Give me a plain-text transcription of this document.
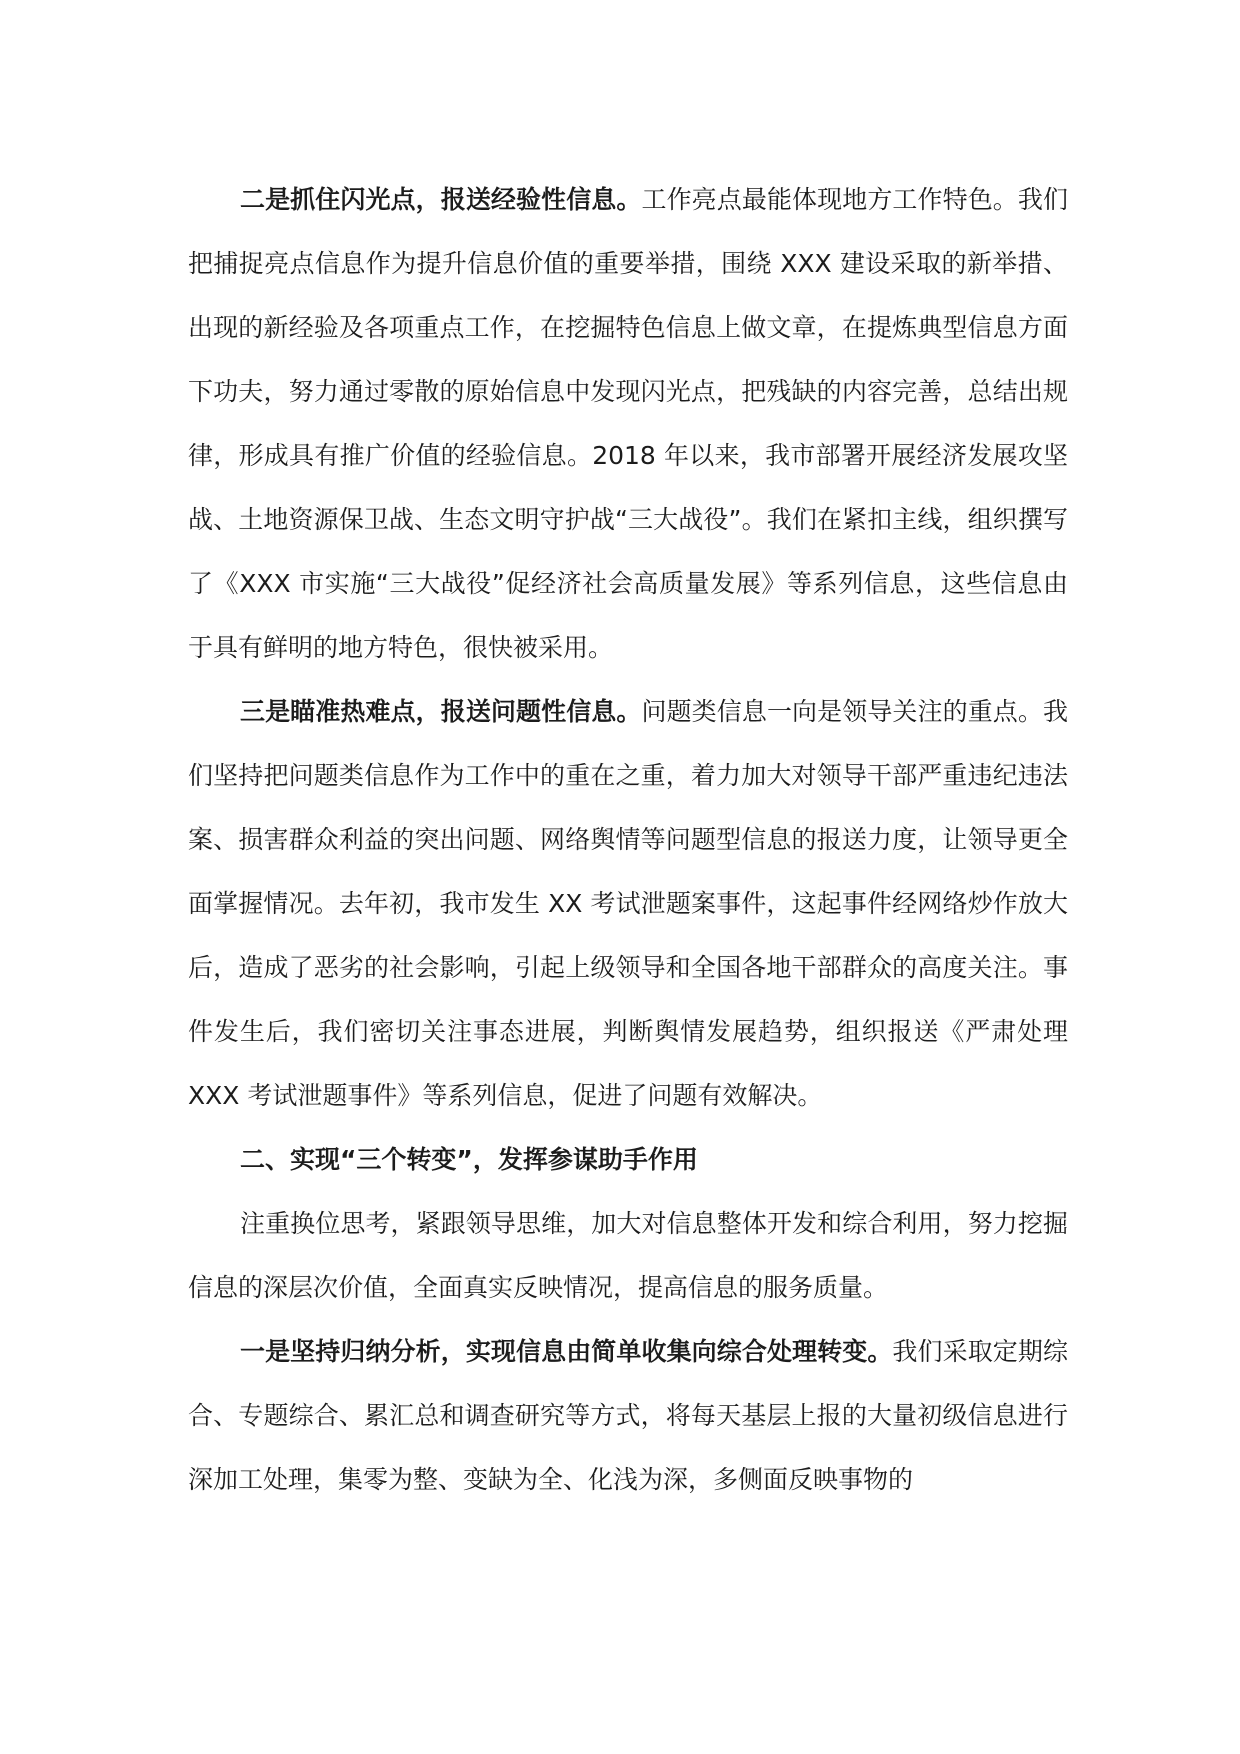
二是抓住闪光点，报送经验性信息。工作亮点最能体现地方工作特色。我们把捕捉亮点信息作为提升信息价值的重要举措，围绕 XXX 建设采取的新举措、出现的新经验及各项重点工作，在挖掘特色信息上做文章，在提炼典型信息方面下功夫，努力通过零散的原始信息中发现闪光点，把残缺的内容完善，总结出规律，形成具有推广价值的经验信息。2018 年以来，我市部署开展经济发展攻坚战、土地资源保卫战、生态文明守护战“三大战役”。我们在紧扣主线，组织撰写了《XXX 市实施“三大战役”促经济社会高质量发展》等系列信息，这些信息由于具有鲜明的地方特色，很快被采用。

三是瞄准热难点，报送问题性信息。问题类信息一向是领导关注的重点。我们坚持把问题类信息作为工作中的重在之重，着力加大对领导干部严重违纪违法案、损害群众利益的突出问题、网络舆情等问题型信息的报送力度，让领导更全面掌握情况。去年初，我市发生 XX 考试泄题案事件，这起事件经网络炒作放大后，造成了恶劣的社会影响，引起上级领导和全国各地干部群众的高度关注。事件发生后，我们密切关注事态进展，判断舆情发展趋势，组织报送《严肃处理 XXX 考试泄题事件》等系列信息，促进了问题有效解决。

二、实现“三个转变”，发挥参谋助手作用

注重换位思考，紧跟领导思维，加大对信息整体开发和综合利用，努力挖掘信息的深层次价值，全面真实反映情况，提高信息的服务质量。

一是坚持归纳分析，实现信息由简单收集向综合处理转变。我们采取定期综合、专题综合、累汇总和调查研究等方式，将每天基层上报的大量初级信息进行深加工处理，集零为整、变缺为全、化浅为深，多侧面反映事物的
